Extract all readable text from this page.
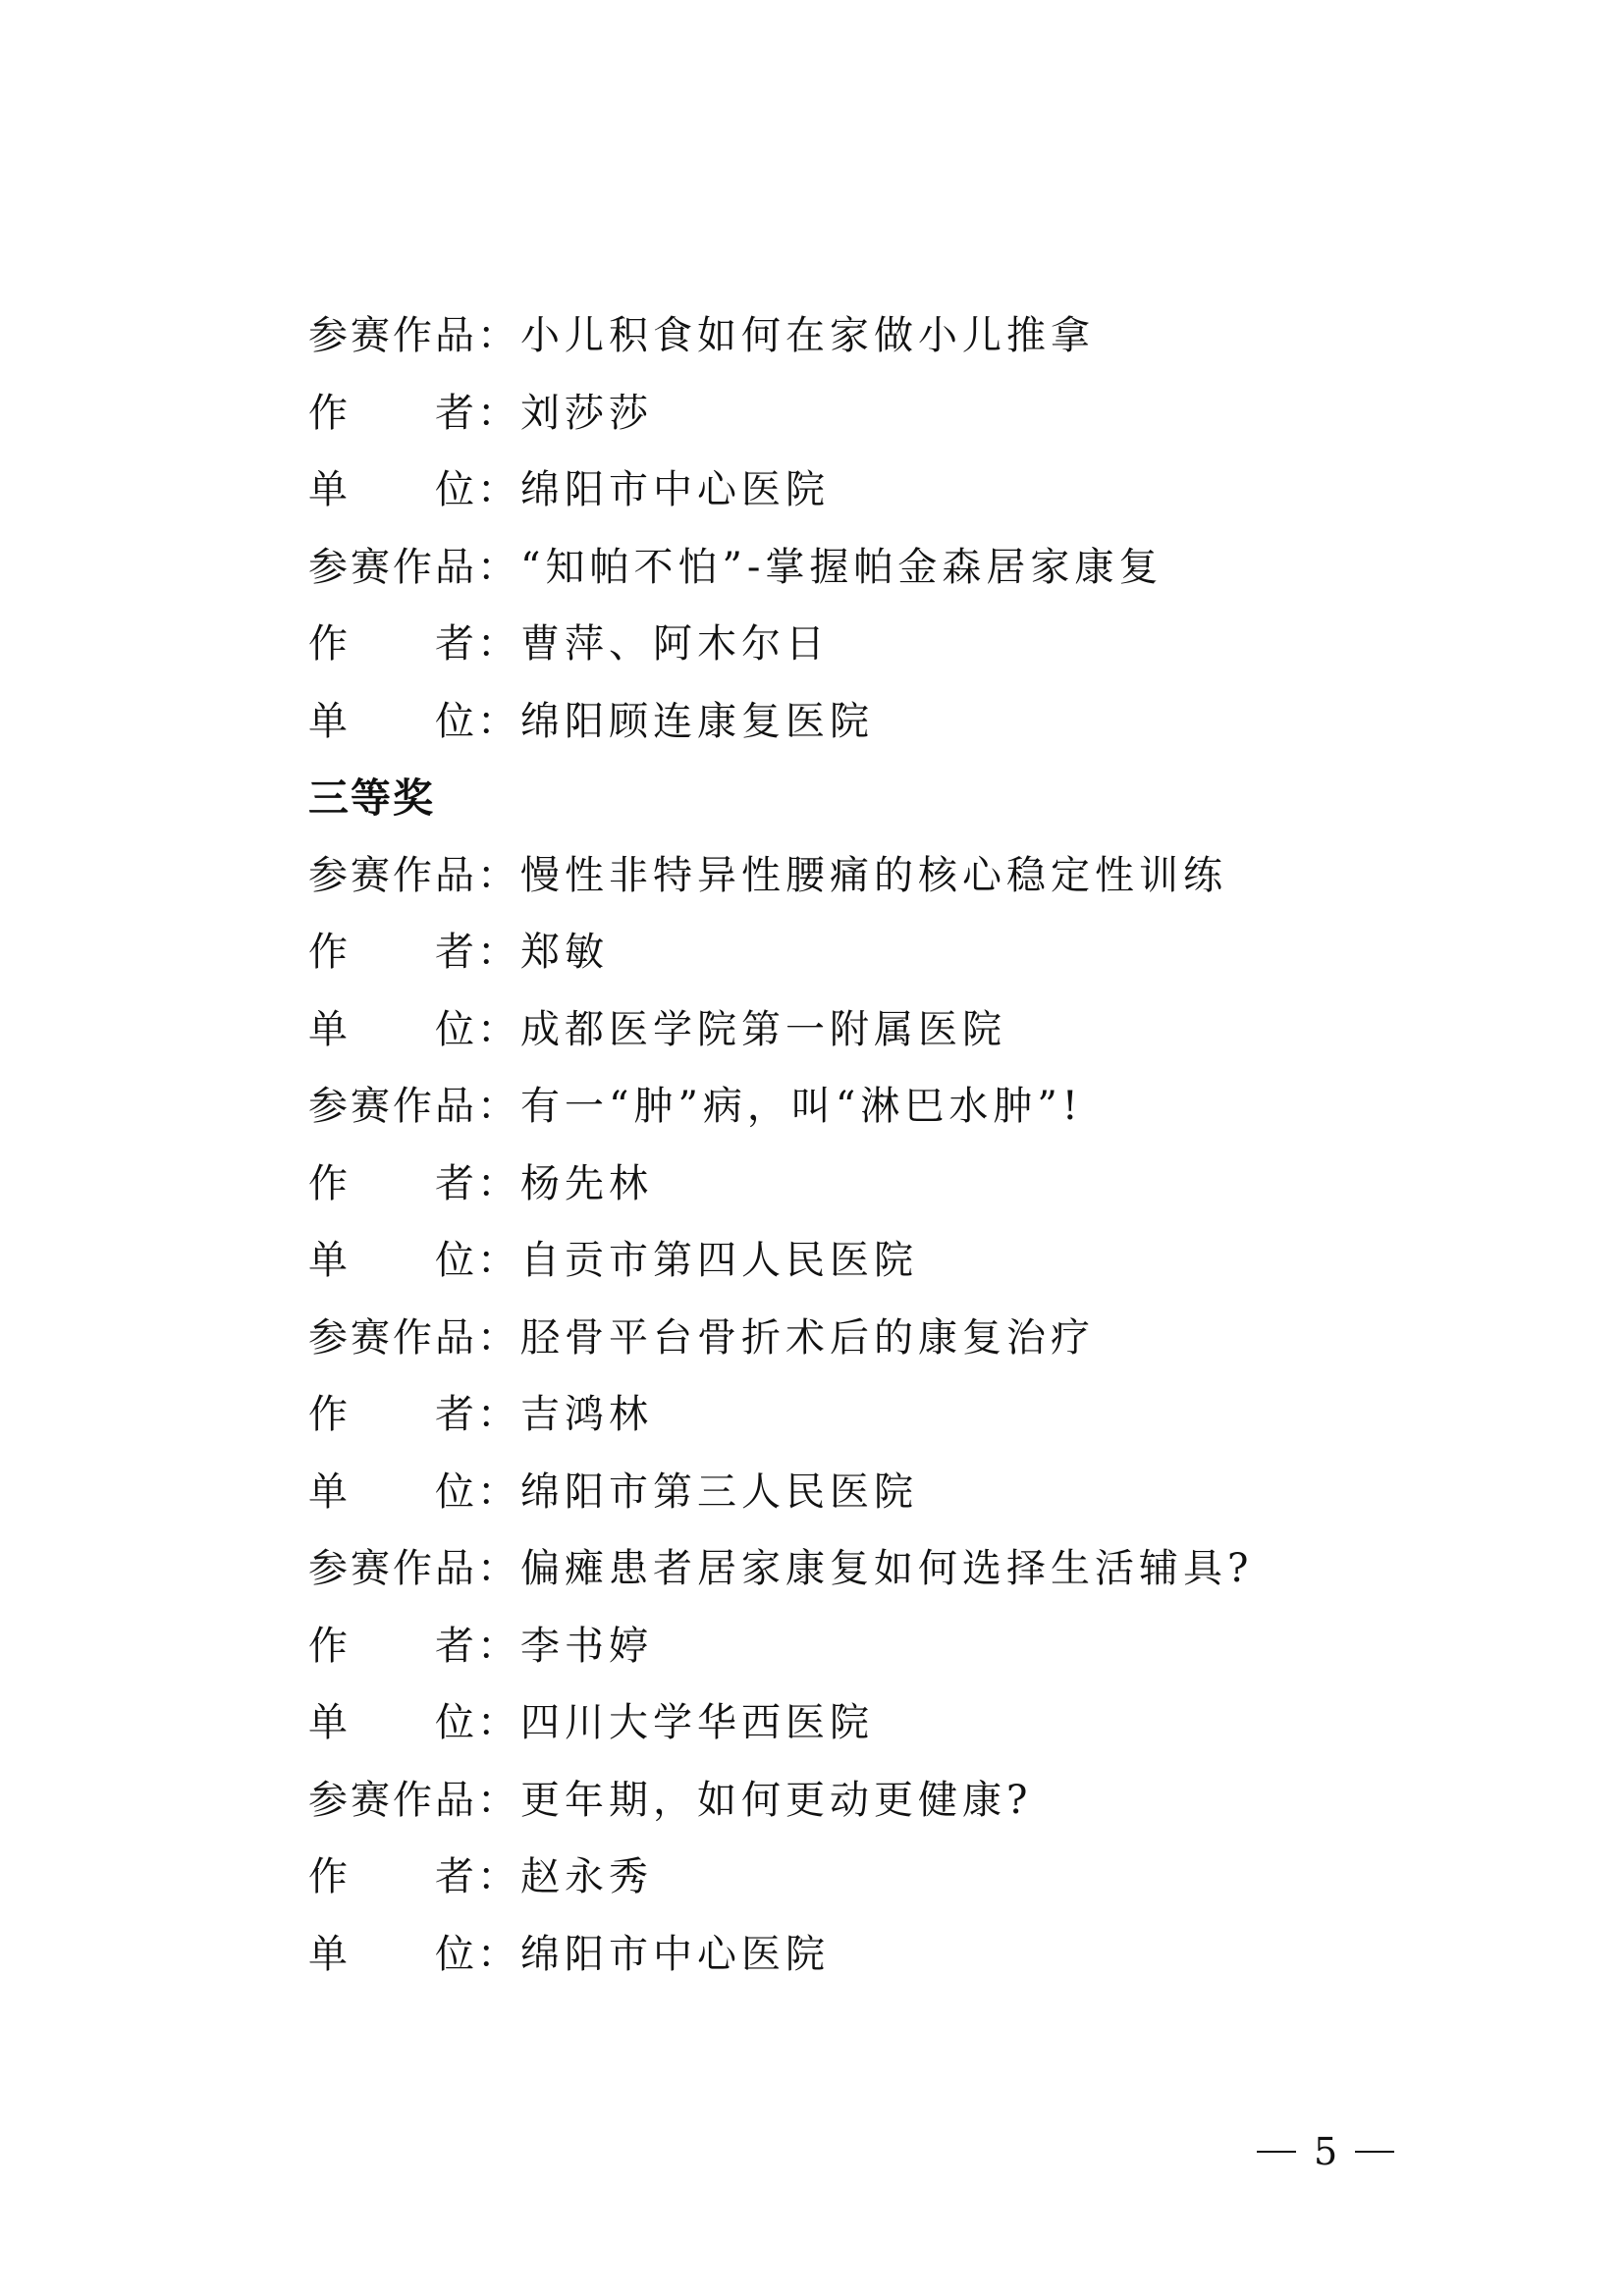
参赛作品 ： 小儿积食如何在家做小儿推拿
作 者 ： 刘莎莎
单 位 ： 绵阳市中心医院
参赛作品 ： “知帕不怕”-掌握帕金森居家康复
作 者 ： 曹萍、阿木尔日
单 位 ： 绵阳顾连康复医院
三等奖
参赛作品 ： 慢性非特异性腰痛的核心稳定性训练
作 者 ： 郑敏
单 位 ： 成都医学院第一附属医院
参赛作品 ： 有一“肿”病，叫“淋巴水肿”!
作 者 ： 杨先林
单 位 ： 自贡市第四人民医院
参赛作品 ： 胫骨平台骨折术后的康复治疗
作 者 ： 吉鸿林
单 位 ： 绵阳市第三人民医院
参赛作品 ： 偏瘫患者居家康复如何选择生活辅具?
作 者 ： 李书婷
单 位 ： 四川大学华西医院
参赛作品 ： 更年期，如何更动更健康?
作 者 ： 赵永秀
单 位 ： 绵阳市中心医院
5
